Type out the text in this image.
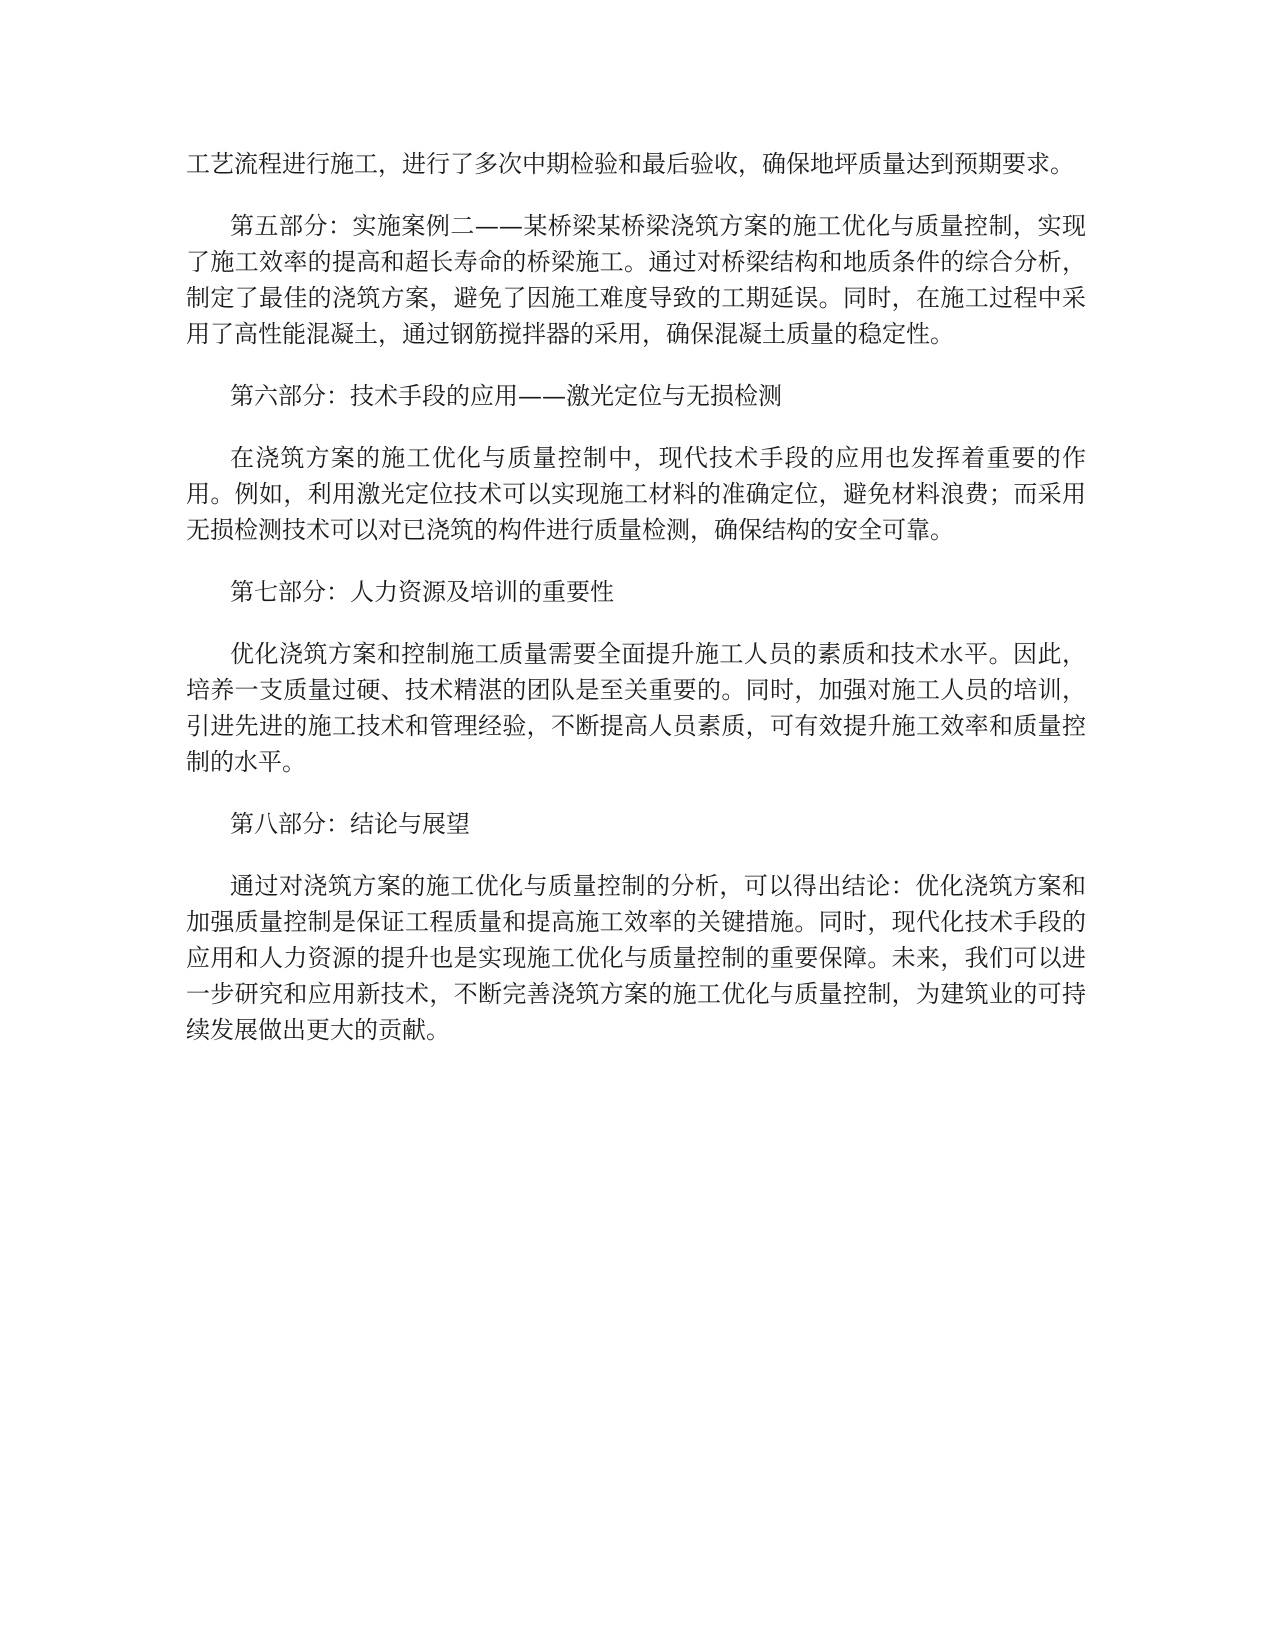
工艺流程进行施工，进行了多次中期检验和最后验收，确保地坪质量达到预期要求。

第五部分：实施案例二——某桥梁某桥梁浇筑方案的施工优化与质量控制，实现了施工效率的提高和超长寿命的桥梁施工。通过对桥梁结构和地质条件的综合分析，制定了最佳的浇筑方案，避免了因施工难度导致的工期延误。同时，在施工过程中采用了高性能混凝土，通过钢筋搅拌器的采用，确保混凝土质量的稳定性。

第六部分：技术手段的应用——激光定位与无损检测

在浇筑方案的施工优化与质量控制中，现代技术手段的应用也发挥着重要的作用。例如，利用激光定位技术可以实现施工材料的准确定位，避免材料浪费；而采用无损检测技术可以对已浇筑的构件进行质量检测，确保结构的安全可靠。

第七部分：人力资源及培训的重要性

优化浇筑方案和控制施工质量需要全面提升施工人员的素质和技术水平。因此，培养一支质量过硬、技术精湛的团队是至关重要的。同时，加强对施工人员的培训，引进先进的施工技术和管理经验，不断提高人员素质，可有效提升施工效率和质量控制的水平。

第八部分：结论与展望

通过对浇筑方案的施工优化与质量控制的分析，可以得出结论：优化浇筑方案和加强质量控制是保证工程质量和提高施工效率的关键措施。同时，现代化技术手段的应用和人力资源的提升也是实现施工优化与质量控制的重要保障。未来，我们可以进一步研究和应用新技术，不断完善浇筑方案的施工优化与质量控制，为建筑业的可持续发展做出更大的贡献。
